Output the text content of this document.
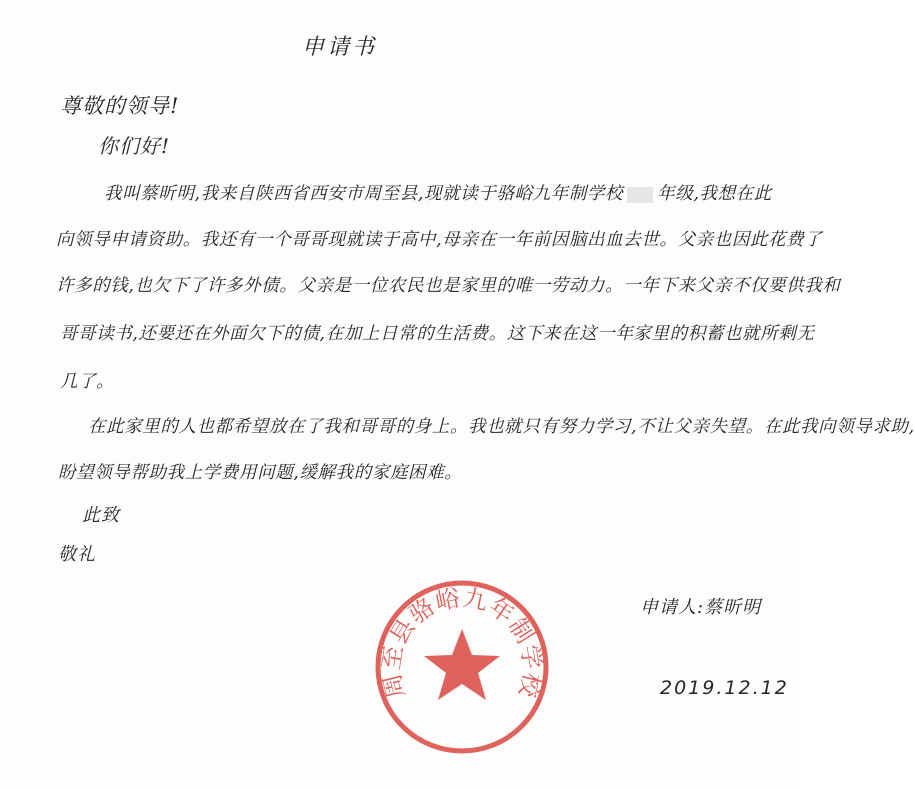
申请书
尊敬的领导!
你们好!
我叫蔡昕明,我来自陕西省西安市周至县,现就读于骆峪九年制学校 年级,我想在此
向领导申请资助。我还有一个哥哥现就读于高中,母亲在一年前因脑出血去世。父亲也因此花费了
许多的钱,也欠下了许多外债。父亲是一位农民也是家里的唯一劳动力。一年下来父亲不仅要供我和
哥哥读书,还要还在外面欠下的债,在加上日常的生活费。这下来在这一年家里的积蓄也就所剩无
几了。
在此家里的人也都希望放在了我和哥哥的身上。我也就只有努力学习,不让父亲失望。在此我向领导求助,
盼望领导帮助我上学费用问题,缓解我的家庭困难。
此致
敬礼
申请人:蔡昕明
2019.12.12
周至县骆峪九年制学校
